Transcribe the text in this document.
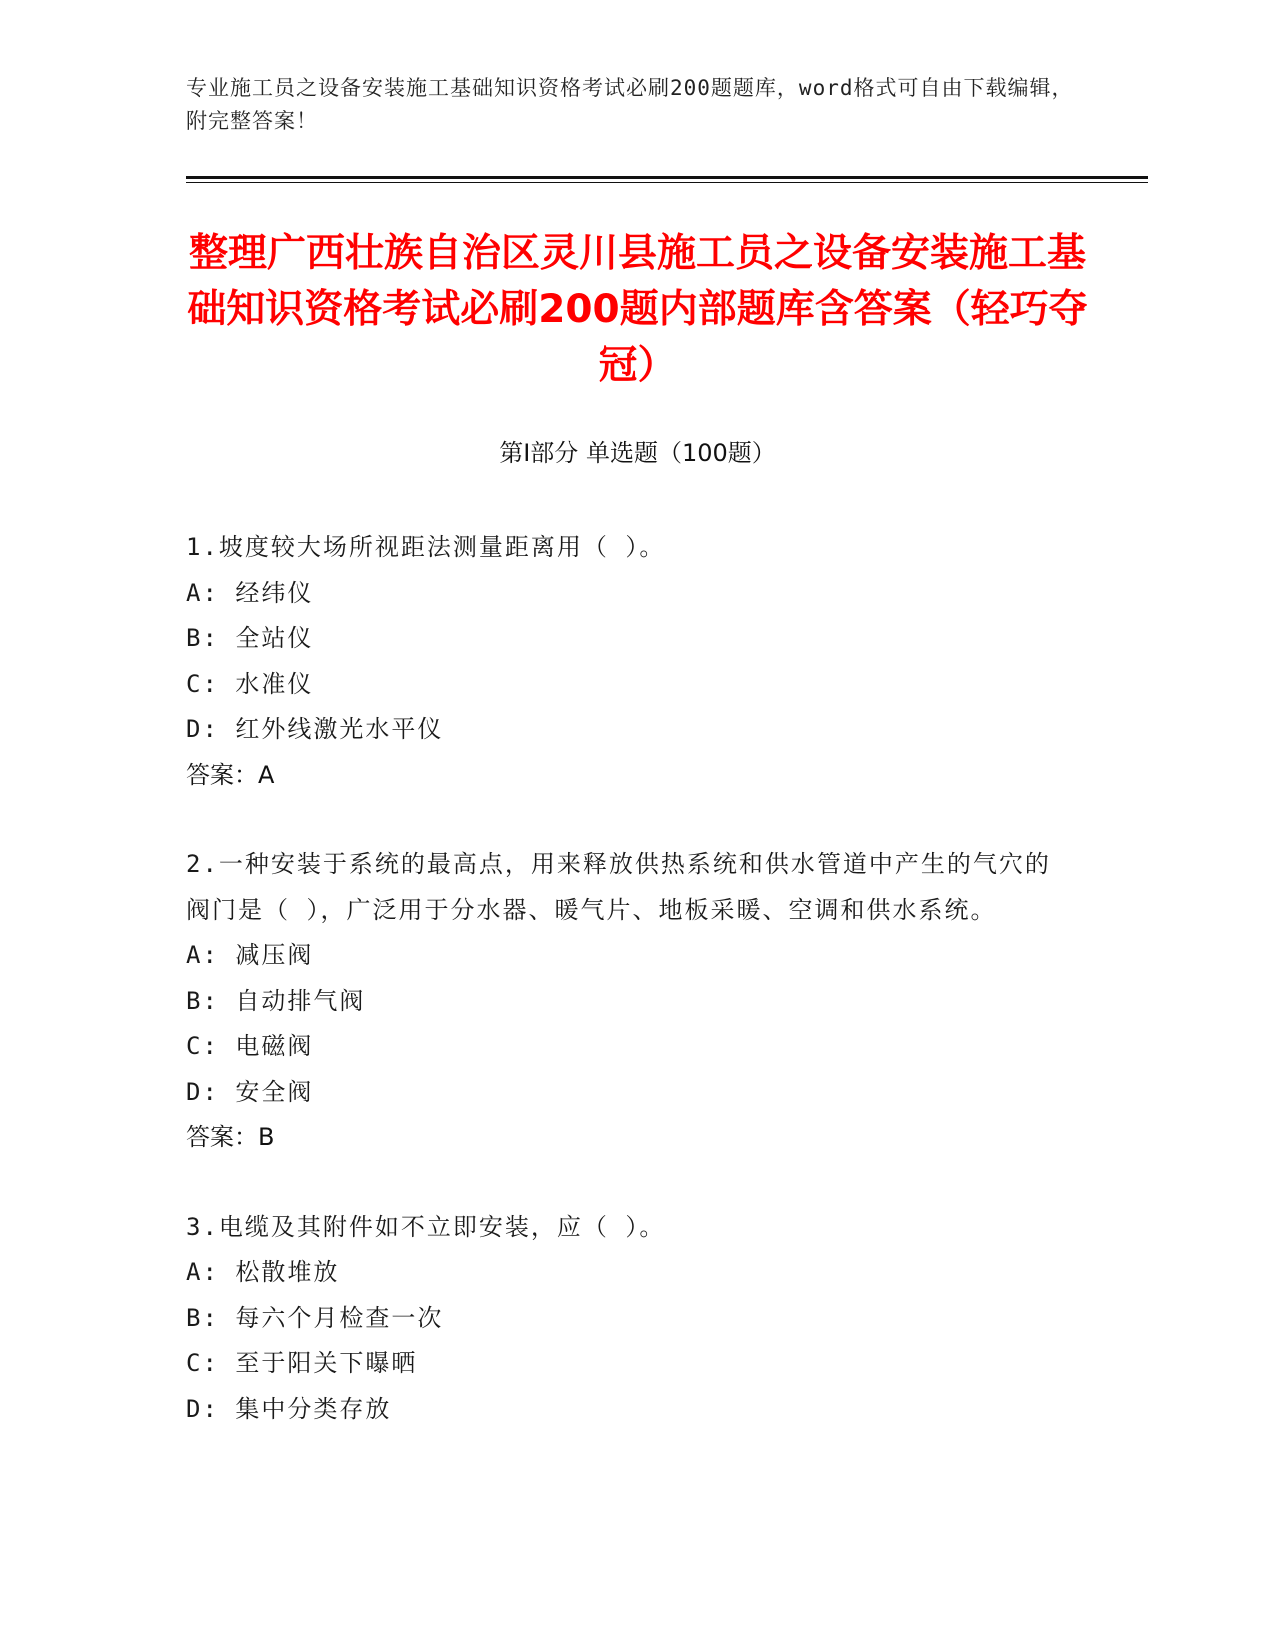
专业施工员之设备安装施工基础知识资格考试必刷200题题库，word格式可自由下载编辑，附完整答案！
整理广西壮族自治区灵川县施工员之设备安装施工基础知识资格考试必刷200题内部题库含答案（轻巧夺冠）
第I部分 单选题（100题）

1.坡度较大场所视距法测量距离用（ ）。

A: 经纬仪

B: 全站仪

C: 水准仪

D: 红外线激光水平仪

答案：A

2.一种安装于系统的最高点，用来释放供热系统和供水管道中产生的气穴的阀门是（ ），广泛用于分水器、暖气片、地板采暖、空调和供水系统。

A: 减压阀

B: 自动排气阀

C: 电磁阀

D: 安全阀

答案：B

3.电缆及其附件如不立即安装，应（ ）。

A: 松散堆放

B: 每六个月检查一次

C: 至于阳关下曝晒

D: 集中分类存放
